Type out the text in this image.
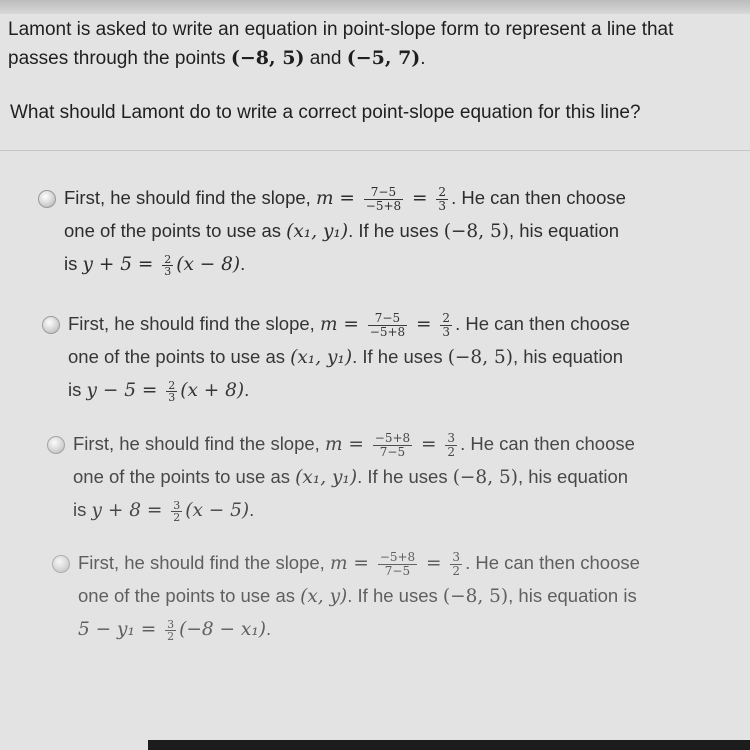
Lamont is asked to write an equation in point-slope form to represent a line that
passes through the points (−8, 5) and (−5, 7).
What should Lamont do to write a correct point-slope equation for this line?
First, he should find the slope, $m = \frac{7-5}{-5+8} = \frac{2}{3}$ . He can then choose
one of the points to use as (x₁, y₁). If he uses (−8, 5), his equation
is $y + 5 = \frac{2}{3} (x - 8)$.
First, he should find the slope, $m = \frac{7-5}{-5+8} = \frac{2}{3}$ . He can then choose
one of the points to use as (x₁, y₁). If he uses (−8, 5), his equation
is $y - 5 = \frac{2}{3} (x + 8)$.
First, he should find the slope, $m = \frac{-5+8}{7-5} = \frac{3}{2}$ . He can then choose
one of the points to use as (x₁, y₁). If he uses (−8, 5), his equation
is $y + 8 = \frac{3}{2} (x - 5)$.
First, he should find the slope, $m = \frac{-5+8}{7-5} = \frac{3}{2}$ . He can then choose
one of the points to use as (x, y). If he uses (−8, 5), his equation is
$5 - y_1 = \frac{3}{2} (-8 - x_1)$.
